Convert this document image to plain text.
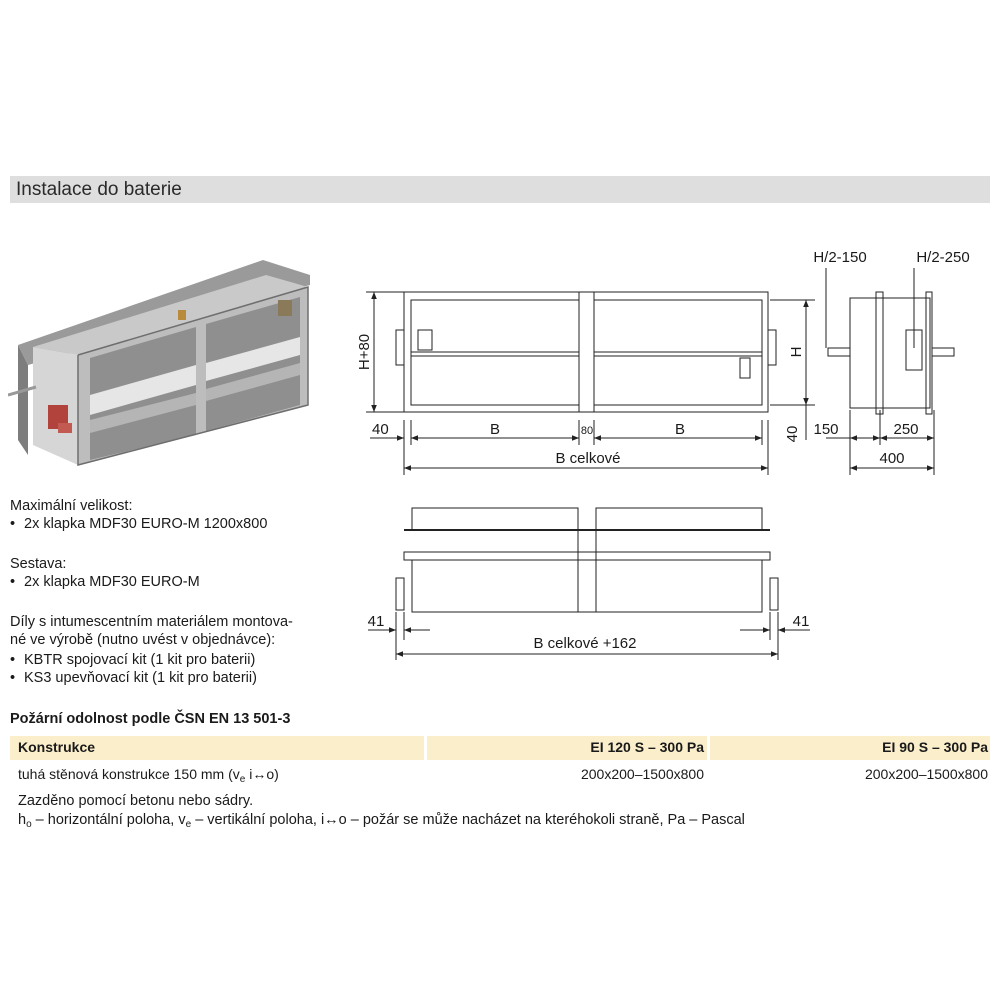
Instalace do baterie
H+80	H
40	B	80	B
B celkové
40
H/2-150	H/2-250
150	250
400
41	41
B celkové +162
Maximální velikost:
• 2x klapka MDF30 EURO-M 1200x800
Sestava:
• 2x klapka MDF30 EURO-M
Díly s intumescentním materiálem montova-
né ve výrobě (nutno uvést v objednávce):
• KBTR spojovací kit (1 kit pro baterii)
• KS3 upevňovací kit (1 kit pro baterii)
Požární odolnost podle ČSN EN 13 501-3
Konstrukce	EI 120 S – 300 Pa	EI 90 S – 300 Pa
tuhá stěnová konstrukce 150 mm ($v_e$ i↔o)	200x200–1500x800	200x200–1500x800
Zazděno pomocí betonu nebo sádry.
$h_o$ – horizontální poloha, $v_e$ – vertikální poloha, i↔o – požár se může nacházet na kteréhokoli straně, Pa – Pascal
